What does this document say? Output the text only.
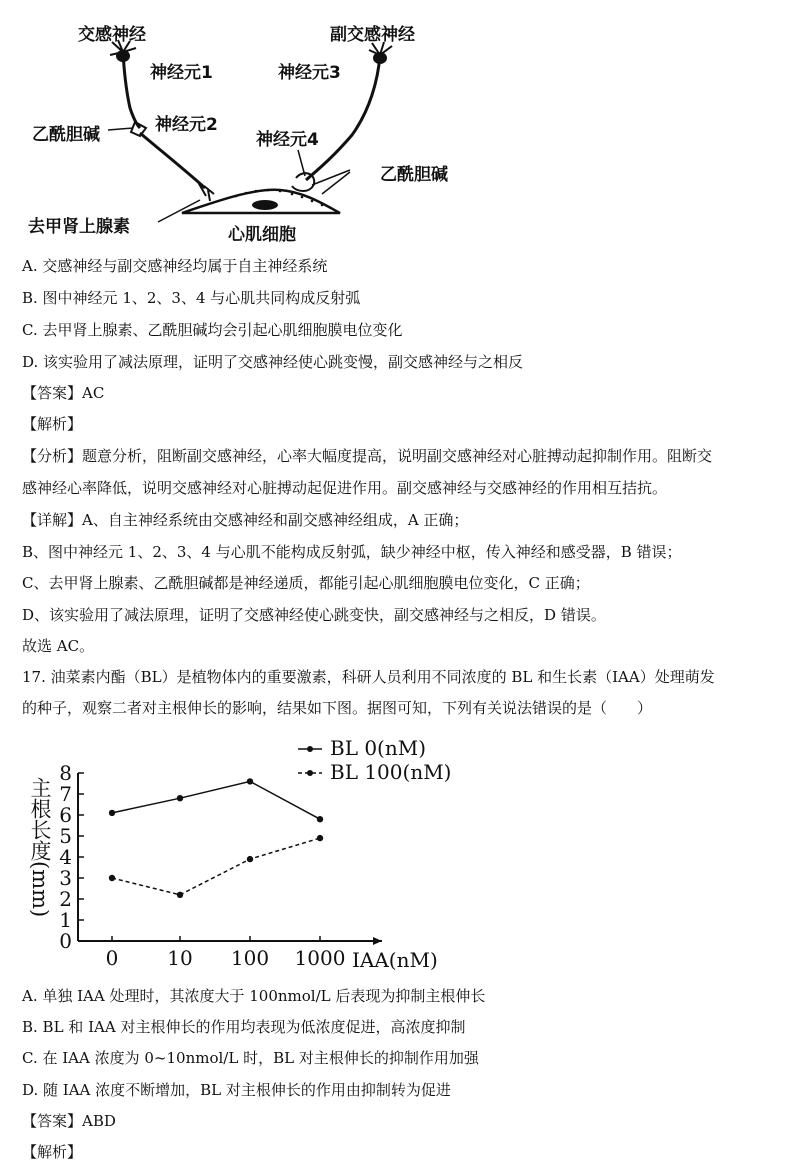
交感神经	副交感神经
神经元1	神经元3
乙酰胆碱	神经元2
神经元4
乙酰胆碱
去甲肾上腺素	心肌细胞
A. 交感神经与副交感神经均属于自主神经系统
B. 图中神经元 1、2、3、4 与心肌共同构成反射弧
C. 去甲肾上腺素、乙酰胆碱均会引起心肌细胞膜电位变化
D. 该实验用了减法原理，证明了交感神经使心跳变慢，副交感神经与之相反
【答案】AC
【解析】
【分析】题意分析，阻断副交感神经，心率大幅度提高，说明副交感神经对心脏搏动起抑制作用。阻断交
感神经心率降低，说明交感神经对心脏搏动起促进作用。副交感神经与交感神经的作用相互拮抗。
【详解】A、自主神经系统由交感神经和副交感神经组成，A 正确；
B、图中神经元 1、2、3、4 与心肌不能构成反射弧，缺少神经中枢，传入神经和感受器，B 错误；
C、去甲肾上腺素、乙酰胆碱都是神经递质，都能引起心肌细胞膜电位变化，C 正确；
D、该实验用了减法原理，证明了交感神经使心跳变快，副交感神经与之相反，D 错误。
故选 AC。
17. 油菜素内酯（BL）是植物体内的重要激素，科研人员利用不同浓度的 BL 和生长素（IAA）处理萌发
的种子，观察二者对主根伸长的影响，结果如下图。据图可知，下列有关说法错误的是（　　）
0
1
2
3
4
5
6
7
8
0 10 100 1000
BL 0(nM)
BL 100(nM)
主根长度(mm)
IAA(nM)
A. 单独 IAA 处理时，其浓度大于 100nmol/L 后表现为抑制主根伸长
B. BL 和 IAA 对主根伸长的作用均表现为低浓度促进，高浓度抑制
C. 在 IAA 浓度为 0~10nmol/L 时，BL 对主根伸长的抑制作用加强
D. 随 IAA 浓度不断增加，BL 对主根伸长的作用由抑制转为促进
【答案】ABD
【解析】
